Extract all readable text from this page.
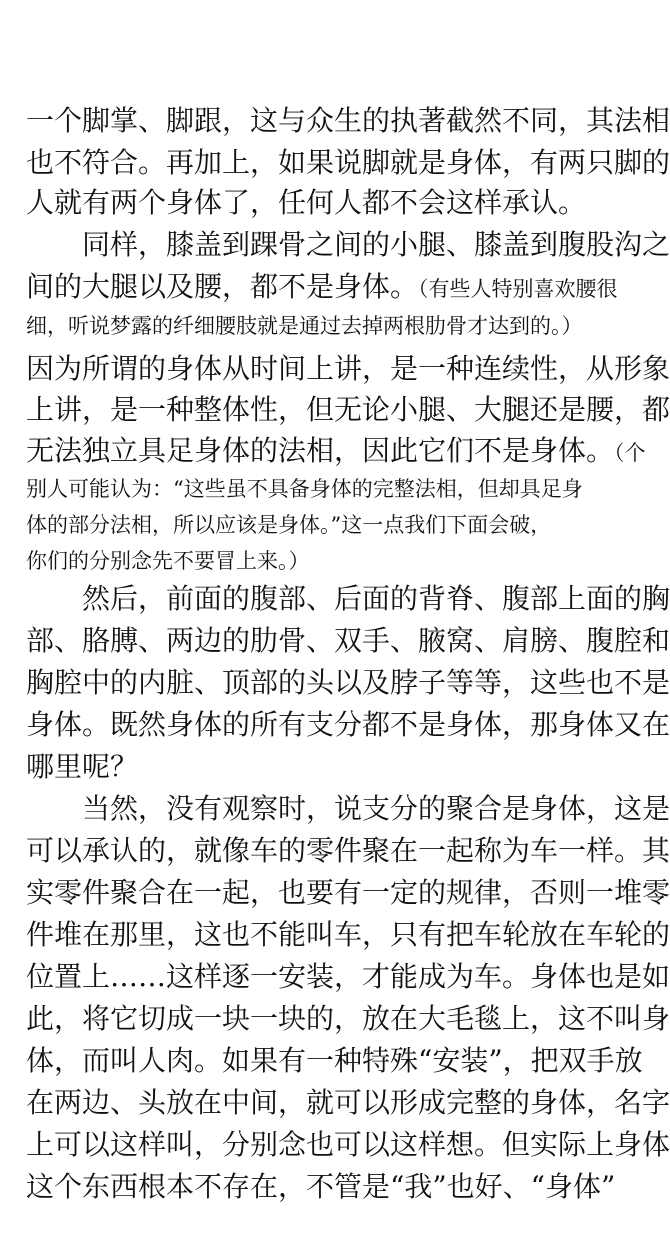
一个脚掌、脚跟，这与众生的执著截然不同，其法相
也不符合。再加上，如果说脚就是身体，有两只脚的
人就有两个身体了，任何人都不会这样承认。
　　同样，膝盖到踝骨之间的小腿、膝盖到腹股沟之
间的大腿以及腰，都不是身体。（有些人特别喜欢腰很
细，听说梦露的纤细腰肢就是通过去掉两根肋骨才达到的。）
因为所谓的身体从时间上讲，是一种连续性，从形象
上讲，是一种整体性，但无论小腿、大腿还是腰，都
无法独立具足身体的法相，因此它们不是身体。（个
别人可能认为：“这些虽不具备身体的完整法相，但却具足身
体的部分法相，所以应该是身体。”这一点我们下面会破，
你们的分别念先不要冒上来。）
　　然后，前面的腹部、后面的背脊、腹部上面的胸
部、胳膊、两边的肋骨、双手、腋窝、肩膀、腹腔和
胸腔中的内脏、顶部的头以及脖子等等，这些也不是
身体。既然身体的所有支分都不是身体，那身体又在
哪里呢？
　　当然，没有观察时，说支分的聚合是身体，这是
可以承认的，就像车的零件聚在一起称为车一样。其
实零件聚合在一起，也要有一定的规律，否则一堆零
件堆在那里，这也不能叫车，只有把车轮放在车轮的
位置上……这样逐一安装，才能成为车。身体也是如
此，将它切成一块一块的，放在大毛毯上，这不叫身
体，而叫人肉。如果有一种特殊“安装”，把双手放
在两边、头放在中间，就可以形成完整的身体，名字
上可以这样叫，分别念也可以这样想。但实际上身体
这个东西根本不存在，不管是“我”也好、“身体”
